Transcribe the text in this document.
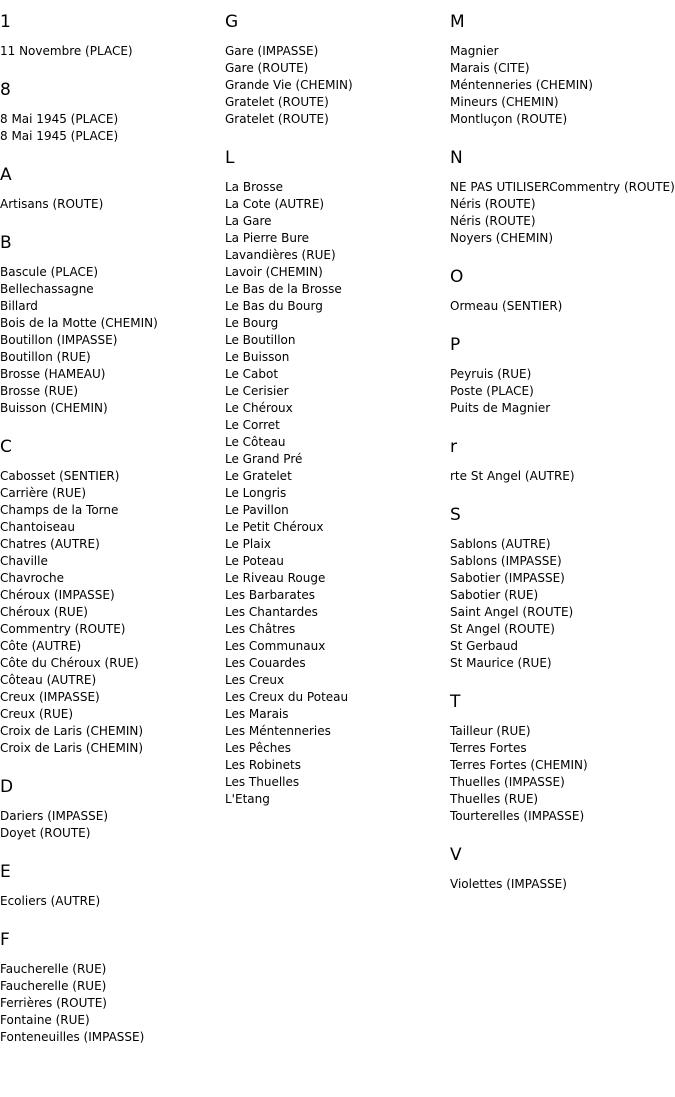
1
11 Novembre (PLACE)
8
8 Mai 1945 (PLACE)
8 Mai 1945 (PLACE)
A
Artisans (ROUTE)
B
Bascule (PLACE)
Bellechassagne
Billard
Bois de la Motte (CHEMIN)
Boutillon (IMPASSE)
Boutillon (RUE)
Brosse (HAMEAU)
Brosse (RUE)
Buisson (CHEMIN)
C
Cabosset (SENTIER)
Carrière (RUE)
Champs de la Torne
Chantoiseau
Chatres (AUTRE)
Chaville
Chavroche
Chéroux (IMPASSE)
Chéroux (RUE)
Commentry (ROUTE)
Côte (AUTRE)
Côte du Chéroux (RUE)
Côteau (AUTRE)
Creux (IMPASSE)
Creux (RUE)
Croix de Laris (CHEMIN)
Croix de Laris (CHEMIN)
D
Dariers (IMPASSE)
Doyet (ROUTE)
E
Ecoliers (AUTRE)
F
Faucherelle (RUE)
Faucherelle (RUE)
Ferrières (ROUTE)
Fontaine (RUE)
Fonteneuilles (IMPASSE)
G
Gare (IMPASSE)
Gare (ROUTE)
Grande Vie (CHEMIN)
Gratelet (ROUTE)
Gratelet (ROUTE)
L
La Brosse
La Cote (AUTRE)
La Gare
La Pierre Bure
Lavandières (RUE)
Lavoir (CHEMIN)
Le Bas de la Brosse
Le Bas du Bourg
Le Bourg
Le Boutillon
Le Buisson
Le Cabot
Le Cerisier
Le Chéroux
Le Corret
Le Côteau
Le Grand Pré
Le Gratelet
Le Longris
Le Pavillon
Le Petit Chéroux
Le Plaix
Le Poteau
Le Riveau Rouge
Les Barbarates
Les Chantardes
Les Châtres
Les Communaux
Les Couardes
Les Creux
Les Creux du Poteau
Les Marais
Les Méntenneries
Les Pêches
Les Robinets
Les Thuelles
L'Etang
M
Magnier
Marais (CITE)
Méntenneries (CHEMIN)
Mineurs (CHEMIN)
Montluçon (ROUTE)
N
NE PAS UTILISERCommentry (ROUTE)
Néris (ROUTE)
Néris (ROUTE)
Noyers (CHEMIN)
O
Ormeau (SENTIER)
P
Peyruis (RUE)
Poste (PLACE)
Puits de Magnier
r
rte St Angel (AUTRE)
S
Sablons (AUTRE)
Sablons (IMPASSE)
Sabotier (IMPASSE)
Sabotier (RUE)
Saint Angel (ROUTE)
St Angel (ROUTE)
St Gerbaud
St Maurice (RUE)
T
Tailleur (RUE)
Terres Fortes
Terres Fortes (CHEMIN)
Thuelles (IMPASSE)
Thuelles (RUE)
Tourterelles (IMPASSE)
V
Violettes (IMPASSE)
